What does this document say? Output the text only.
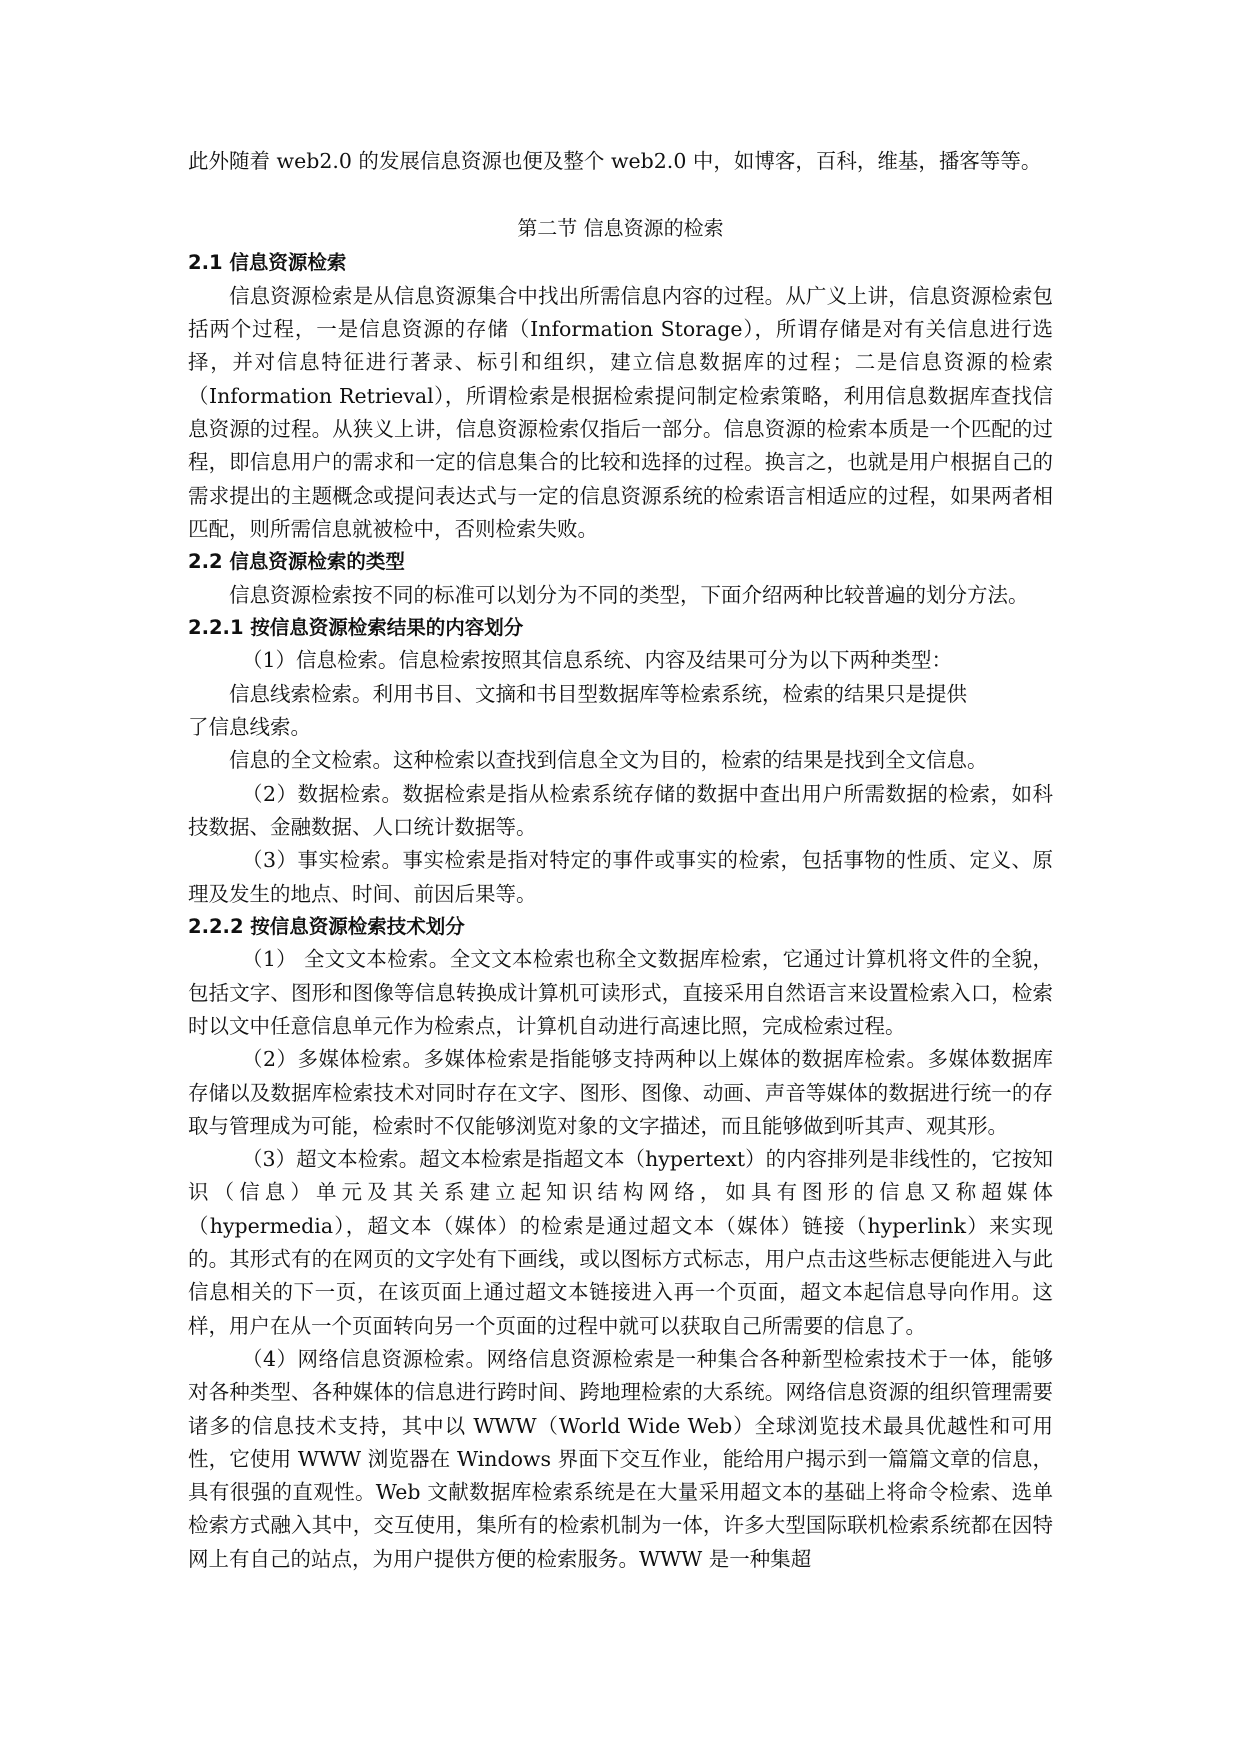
此外随着 web2.0 的发展信息资源也便及整个 web2.0 中，如博客，百科，维基，播客等等。
第二节 信息资源的检索
2.1 信息资源检索
信息资源检索是从信息资源集合中找出所需信息内容的过程。从广义上讲，信息资源检索包括两个过程，一是信息资源的存储（Information Storage），所谓存储是对有关信息进行选择，并对信息特征进行著录、标引和组织，建立信息数据库的过程；二是信息资源的检索（Information Retrieval），所谓检索是根据检索提问制定检索策略，利用信息数据库查找信息资源的过程。从狭义上讲，信息资源检索仅指后一部分。信息资源的检索本质是一个匹配的过程，即信息用户的需求和一定的信息集合的比较和选择的过程。换言之，也就是用户根据自己的需求提出的主题概念或提问表达式与一定的信息资源系统的检索语言相适应的过程，如果两者相匹配，则所需信息就被检中，否则检索失败。
2.2 信息资源检索的类型
信息资源检索按不同的标准可以划分为不同的类型，下面介绍两种比较普遍的划分方法。
2.2.1 按信息资源检索结果的内容划分
（1）信息检索。信息检索按照其信息系统、内容及结果可分为以下两种类型：
信息线索检索。利用书目、文摘和书目型数据库等检索系统，检索的结果只是提供
了信息线索。
信息的全文检索。这种检索以查找到信息全文为目的，检索的结果是找到全文信息。
（2）数据检索。数据检索是指从检索系统存储的数据中查出用户所需数据的检索，如科技数据、金融数据、人口统计数据等。
（3）事实检索。事实检索是指对特定的事件或事实的检索，包括事物的性质、定义、原理及发生的地点、时间、前因后果等。
2.2.2 按信息资源检索技术划分
（1） 全文文本检索。全文文本检索也称全文数据库检索，它通过计算机将文件的全貌，包括文字、图形和图像等信息转换成计算机可读形式，直接采用自然语言来设置检索入口，检索时以文中任意信息单元作为检索点，计算机自动进行高速比照，完成检索过程。
（2）多媒体检索。多媒体检索是指能够支持两种以上媒体的数据库检索。多媒体数据库存储以及数据库检索技术对同时存在文字、图形、图像、动画、声音等媒体的数据进行统一的存取与管理成为可能，检索时不仅能够浏览对象的文字描述，而且能够做到听其声、观其形。
（3）超文本检索。超文本检索是指超文本（hypertext）的内容排列是非线性的，它按知识（信息）单元及其关系建立起知识结构网络，如具有图形的信息又称超媒体（hypermedia），超文本（媒体）的检索是通过超文本（媒体）链接（hyperlink）来实现的。其形式有的在网页的文字处有下画线，或以图标方式标志，用户点击这些标志便能进入与此信息相关的下一页，在该页面上通过超文本链接进入再一个页面，超文本起信息导向作用。这样，用户在从一个页面转向另一个页面的过程中就可以获取自己所需要的信息了。
（4）网络信息资源检索。网络信息资源检索是一种集合各种新型检索技术于一体，能够对各种类型、各种媒体的信息进行跨时间、跨地理检索的大系统。网络信息资源的组织管理需要诸多的信息技术支持，其中以 WWW（World Wide Web）全球浏览技术最具优越性和可用性，它使用 WWW 浏览器在 Windows 界面下交互作业，能给用户揭示到一篇篇文章的信息，具有很强的直观性。Web 文献数据库检索系统是在大量采用超文本的基础上将命令检索、选单检索方式融入其中，交互使用，集所有的检索机制为一体，许多大型国际联机检索系统都在因特网上有自己的站点，为用户提供方便的检索服务。WWW 是一种集超
